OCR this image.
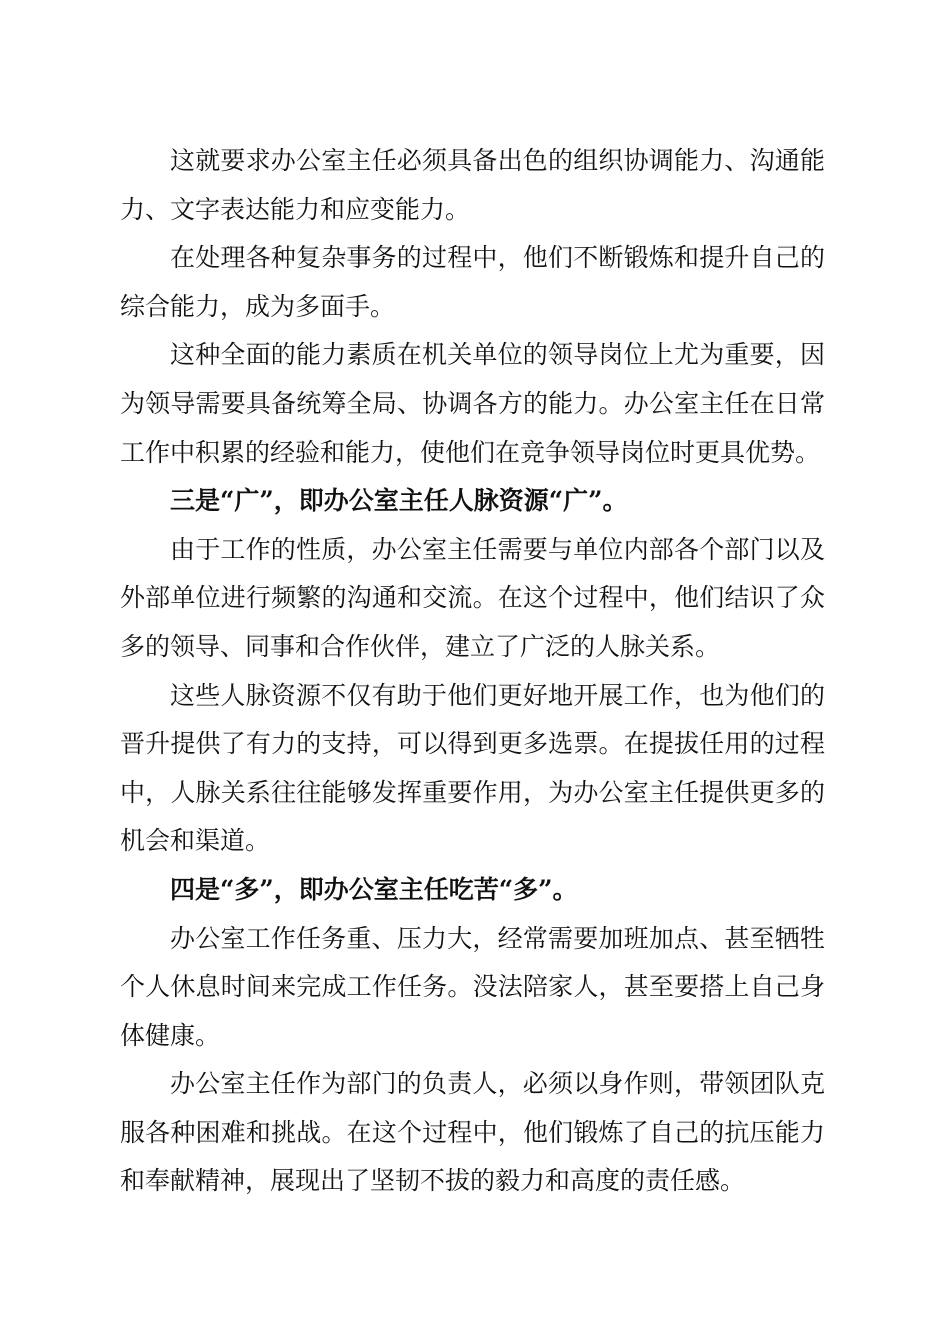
这就要求办公室主任必须具备出色的组织协调能力、沟通能力、文字表达能力和应变能力。

在处理各种复杂事务的过程中，他们不断锻炼和提升自己的综合能力，成为多面手。

这种全面的能力素质在机关单位的领导岗位上尤为重要，因为领导需要具备统筹全局、协调各方的能力。办公室主任在日常工作中积累的经验和能力，使他们在竞争领导岗位时更具优势。

三是“广”，即办公室主任人脉资源“广”。

由于工作的性质，办公室主任需要与单位内部各个部门以及外部单位进行频繁的沟通和交流。在这个过程中，他们结识了众多的领导、同事和合作伙伴，建立了广泛的人脉关系。

这些人脉资源不仅有助于他们更好地开展工作，也为他们的晋升提供了有力的支持，可以得到更多选票。在提拔任用的过程中，人脉关系往往能够发挥重要作用，为办公室主任提供更多的机会和渠道。

四是“多”，即办公室主任吃苦“多”。

办公室工作任务重、压力大，经常需要加班加点、甚至牺牲个人休息时间来完成工作任务。没法陪家人，甚至要搭上自己身体健康。

办公室主任作为部门的负责人，必须以身作则，带领团队克服各种困难和挑战。在这个过程中，他们锻炼了自己的抗压能力和奉献精神，展现出了坚韧不拔的毅力和高度的责任感。
